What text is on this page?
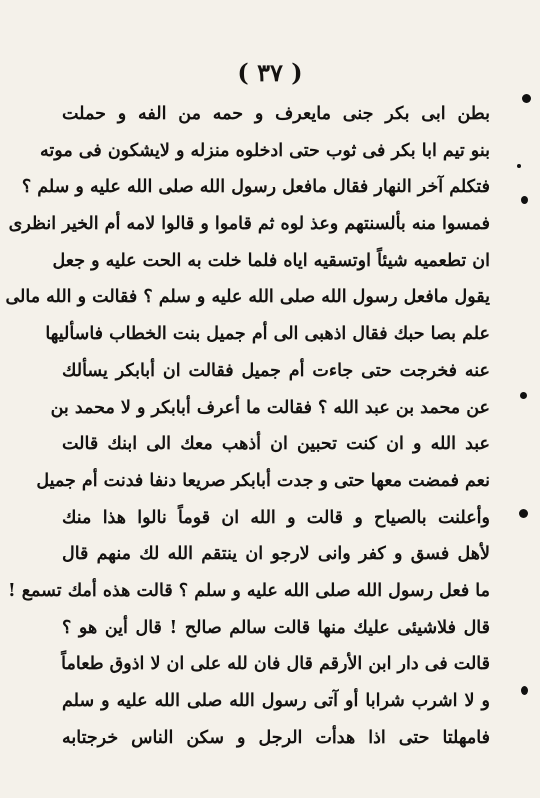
( ٣٧ )
بطن ابى بكر جنى مايعرف و حمه من الفه و حملت
بنو تيم ابا بكر فى ثوب حتى ادخلوه منزله و لايشكون فى موته
فتكلم آخر النهار فقال مافعل رسول الله صلى الله عليه و سلم ؟
فمسوا منه بألسنتهم وعذ لوه ثم قاموا و قالوا لامه أم الخير انظرى
ان تطعميه شيئاً اوتسقيه اياه فلما خلت به الحت عليه و جعل
يقول مافعل رسول الله صلى الله عليه و سلم ؟ فقالت و الله مالى
علم بصا حبك فقال اذهبى الى أم جميل بنت الخطاب فاسأليها
عنه فخرجت حتى جاءت أم جميل فقالت ان أبابكر يسألك
عن محمد بن عبد الله ؟ فقالت ما أعرف أبابكر و لا محمد بن
عبد الله و ان كنت تحبين ان أذهب معك الى ابنك قالت
نعم فمضت معها حتى و جدت أبابكر صريعا دنفا فدنت أم جميل
وأعلنت بالصياح و قالت و الله ان قوماً نالوا هذا منك
لأهل فسق و كفر وانى لارجو ان ينتقم الله لك منهم قال
ما فعل رسول الله صلى الله عليه و سلم ؟ قالت هذه أمك تسمع !
قال فلاشيئى عليك منها قالت سالم صالح ! قال أين هو ؟
قالت فى دار ابن الأرقم قال فان لله على ان لا اذوق طعاماً
و لا اشرب شرابا أو آتى رسول الله صلى الله عليه و سلم
فامهلتا حتى اذا هدأت الرجل و سكن الناس خرجتابه
